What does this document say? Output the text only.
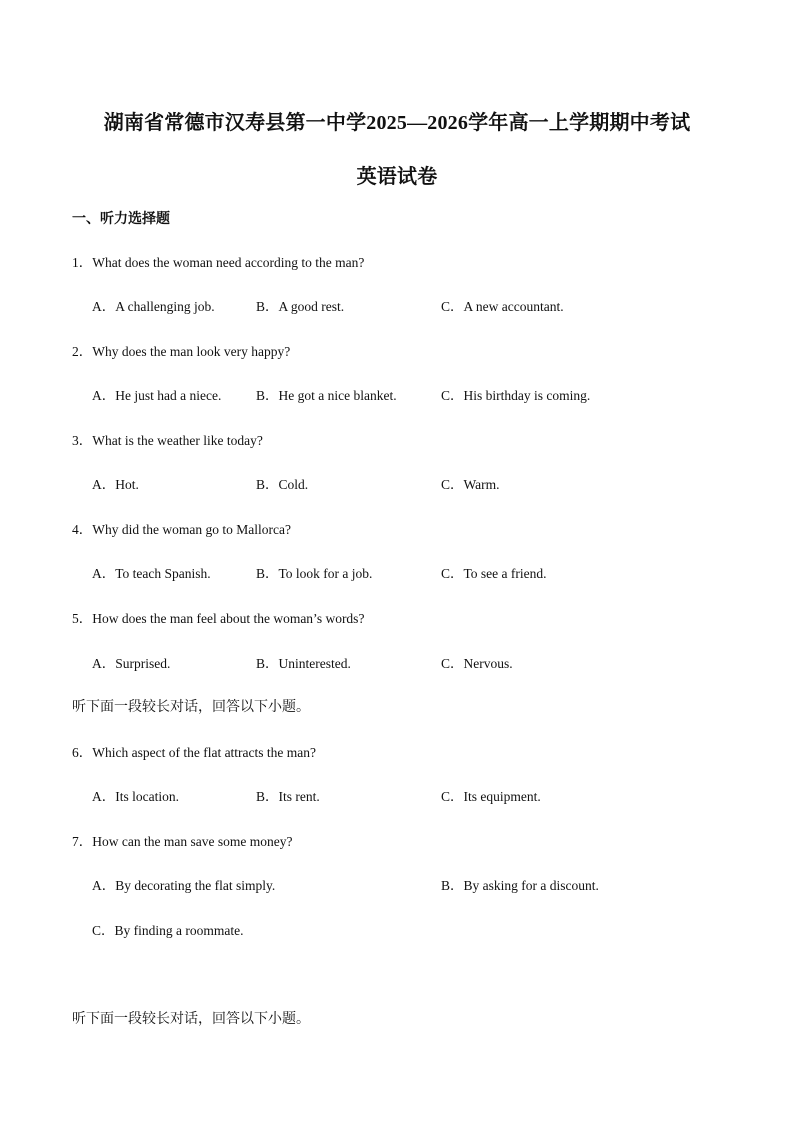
湖南省常德市汉寿县第一中学2025—2026学年高一上学期期中考试
英语试卷
一、听力选择题
1．What does the woman need according to the man?
A．A challenging job.	B．A good rest.	C．A new accountant.
2．Why does the man look very happy?
A．He just had a niece.	B．He got a nice blanket.	C．His birthday is coming.
3．What is the weather like today?
A．Hot.	B．Cold.	C．Warm.
4．Why did the woman go to Mallorca?
A．To teach Spanish.	B．To look for a job.	C．To see a friend.
5．How does the man feel about the woman’s words?
A．Surprised.	B．Uninterested.	C．Nervous.
听下面一段较长对话，回答以下小题。
6．Which aspect of the flat attracts the man?
A．Its location.	B．Its rent.	C．Its equipment.
7．How can the man save some money?
A．By decorating the flat simply.	B．By asking for a discount.
C．By finding a roommate.
听下面一段较长对话，回答以下小题。
